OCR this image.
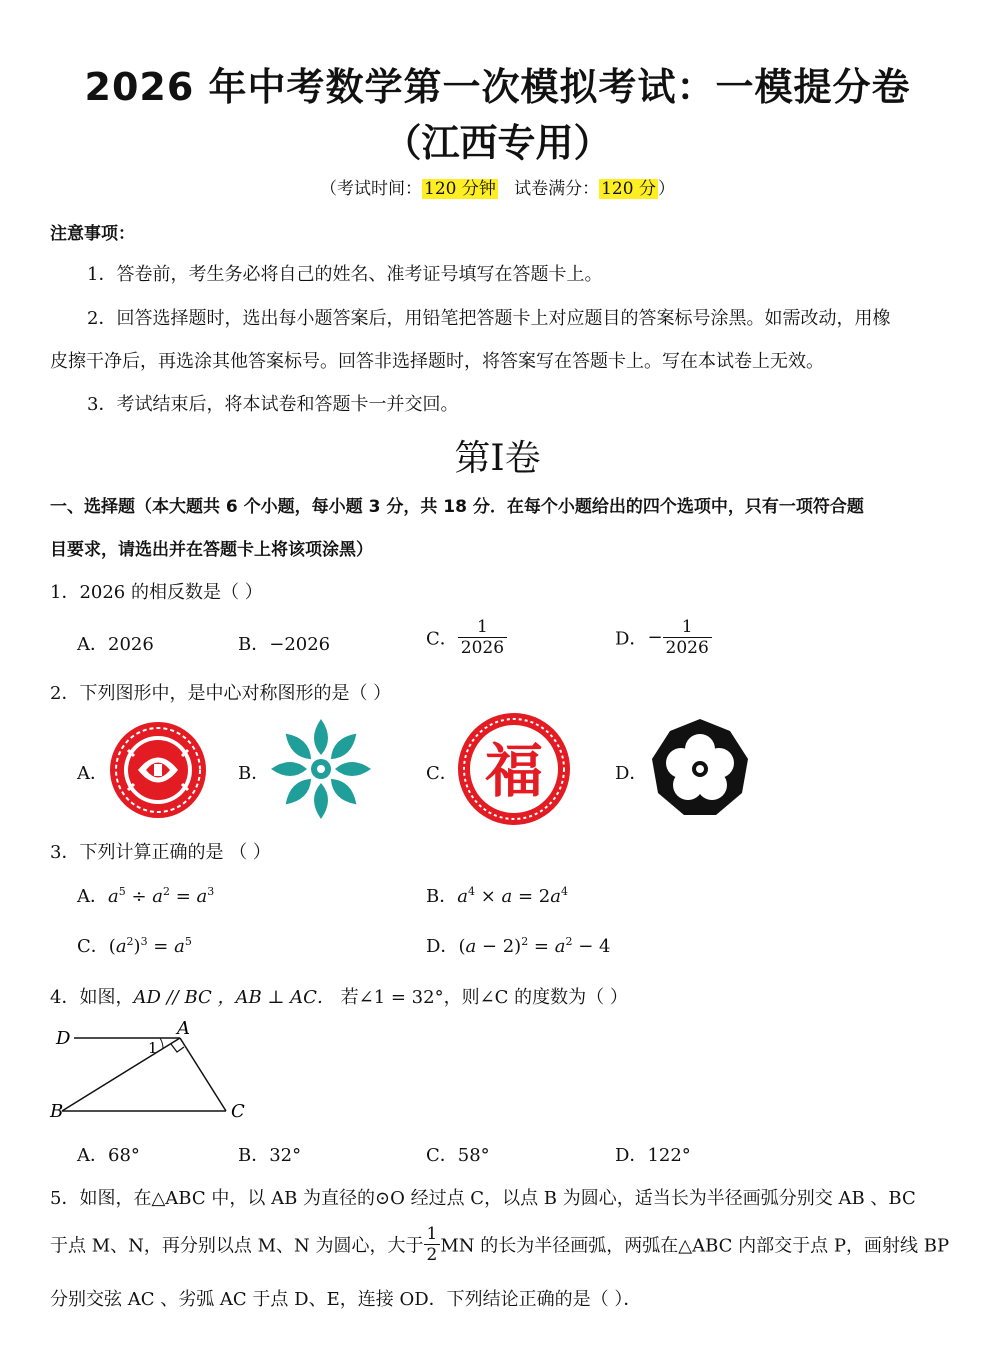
2026 年中考数学第一次模拟考试：一模提分卷
（江西专用）
（考试时间： 120 分钟 试卷满分： 120 分 ）
注意事项：
1．答卷前，考生务必将自己的姓名、准考证号填写在答题卡上。
2．回答选择题时，选出每小题答案后，用铅笔把答题卡上对应题目的答案标号涂黑。如需改动，用橡
皮擦干净后，再选涂其他答案标号。回答非选择题时，将答案写在答题卡上。写在本试卷上无效。
3．考试结束后，将本试卷和答题卡一并交回。
第I卷
一、选择题（本大题共 6 个小题，每小题 3 分，共 18 分．在每个小题给出的四个选项中，只有一项符合题
目要求，请选出并在答题卡上将该项涂黑）
1．2026 的相反数是（ ）
A．2026	B．−2026	C． $\frac{1}{2026}$	D．− $\frac{1}{2026}$
2．下列图形中，是中心对称图形的是（ ）
A．	B．	C．	D．
福
3．下列计算正确的是 （ ）
A．$a^5 \div a^2 = a^3$	B．$a^4 \times a = 2a^4$
C．$(a^2)^3 = a^5$	D．$(a - 2)^2 = a^2 - 4$
4．如图，AD // BC ，AB ⊥ AC． 若∠1 = 32°，则∠C 的度数为（ ）
D	A
B	C
1
A．68°	B．32°	C．58°	D．122°
5．如图，在△ABC 中，以 AB 为直径的⊙O 经过点 C，以点 B 为圆心，适当长为半径画弧分别交 AB 、BC
于点 M、N，再分别以点 M、N 为圆心，大于 $\frac{1}{2}$ MN 的长为半径画弧，两弧在△ABC 内部交于点 P，画射线 BP
分别交弦 AC 、劣弧 AC 于点 D、E，连接 OD．下列结论正确的是（ ）．
